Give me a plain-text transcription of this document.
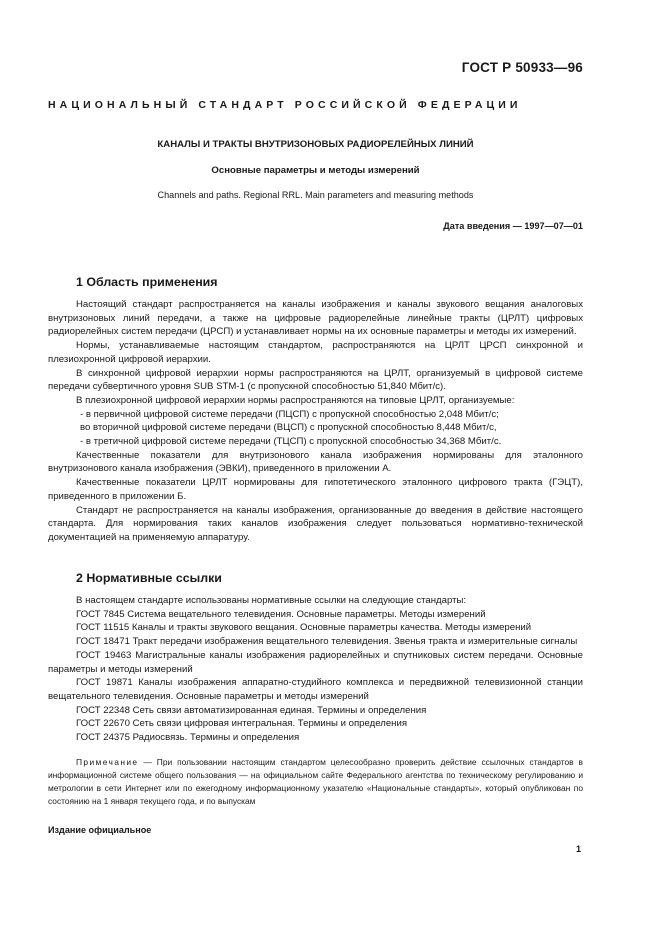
ГОСТ Р 50933—96
НАЦИОНАЛЬНЫЙ СТАНДАРТ РОССИЙСКОЙ ФЕДЕРАЦИИ
КАНАЛЫ И ТРАКТЫ ВНУТРИЗОНОВЫХ РАДИОРЕЛЕЙНЫХ ЛИНИЙ
Основные параметры и методы измерений
Channels and paths. Regional RRL. Main parameters and measuring methods
Дата введения — 1997—07—01
1 Область применения

Настоящий стандарт распространяется на каналы изображения и каналы звукового вещания аналоговых внутризоновых линий передачи, а также на цифровые радиорелейные линейные тракты (ЦРЛТ) цифровых радиорелейных систем передачи (ЦРСП) и устанавливает нормы на их основные параметры и методы их измерений.

Нормы, устанавливаемые настоящим стандартом, распространяются на ЦРЛТ ЦРСП синхронной и плезиохронной цифровой иерархии.

В синхронной цифровой иерархии нормы распространяются на ЦРЛТ, организуемый в цифровой системе передачи субвертичного уровня SUB STM-1 (с пропускной способностью 51,840 Мбит/с).

В плезиохронной цифровой иерархии нормы распространяются на типовые ЦРЛТ, организуемые:

- в первичной цифровой системе передачи (ПЦСП) с пропускной способностью 2,048 Мбит/с;

во вторичной цифровой системе передачи (ВЦСП) с пропускной способностью 8,448 Мбит/с,

- в третичной цифровой системе передачи (ТЦСП) с пропускной способностью 34,368 Мбит/с.

Качественные показатели для внутризонового канала изображения нормированы для эталонного внутризонового канала изображения (ЭВКИ), приведенного в приложении А.

Качественные показатели ЦРЛТ нормированы для гипотетического эталонного цифрового тракта (ГЭЦТ), приведенного в приложении Б.

Стандарт не распространяется на каналы изображения, организованные до введения в действие настоящего стандарта. Для нормирования таких каналов изображения следует пользоваться нормативно-технической документацией на применяемую аппаратуру.

2 Нормативные ссылки

В настоящем стандарте использованы нормативные ссылки на следующие стандарты:

ГОСТ 7845 Система вещательного телевидения. Основные параметры. Методы измерений

ГОСТ 11515 Каналы и тракты звукового вещания. Основные параметры качества. Методы измерений

ГОСТ 18471 Тракт передачи изображения вещательного телевидения. Звенья тракта и измерительные сигналы

ГОСТ 19463 Магистральные каналы изображения радиорелейных и спутниковых систем передачи. Основные параметры и методы измерений

ГОСТ 19871 Каналы изображения аппаратно-студийного комплекса и передвижной телевизионной станции вещательного телевидения. Основные параметры и методы измерений

ГОСТ 22348 Сеть связи автоматизированная единая. Термины и определения

ГОСТ 22670 Сеть связи цифровая интегральная. Термины и определения

ГОСТ 24375 Радиосвязь. Термины и определения

Примечание — При пользовании настоящим стандартом целесообразно проверить действие ссылочных стандартов в информационной системе общего пользования — на официальном сайте Федерального агентства по техническому регулированию и метрологии в сети Интернет или по ежегодному информационному указателю «Национальные стандарты», который опубликован по состоянию на 1 января текущего года, и по выпускам
Издание официальное
1
